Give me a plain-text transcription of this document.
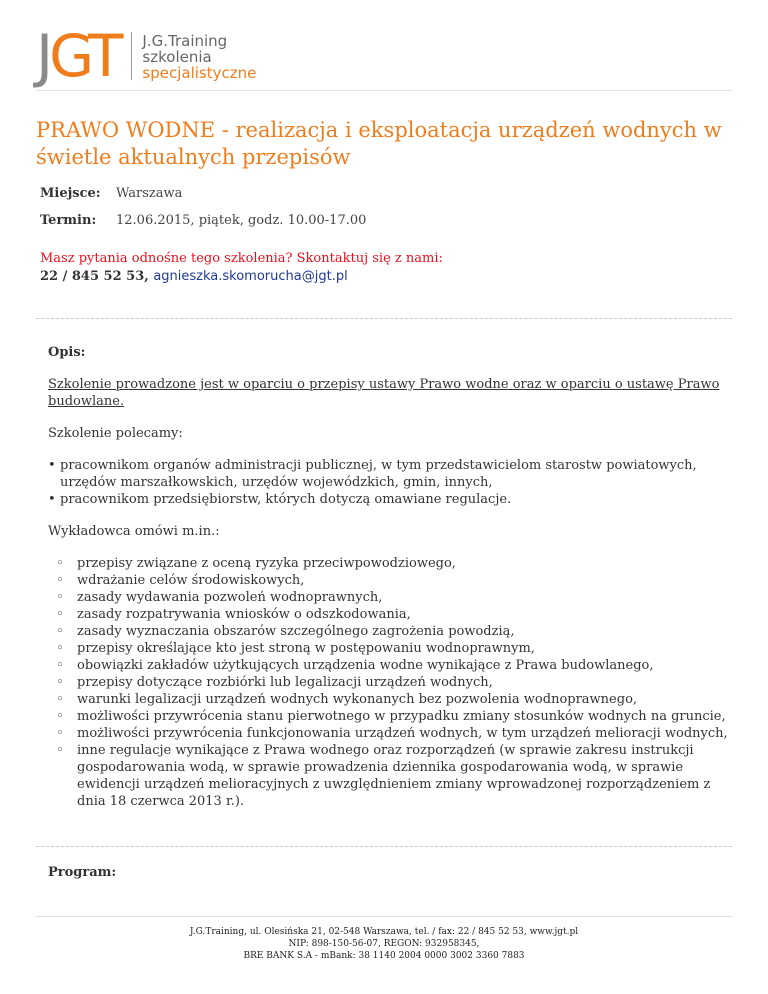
JGT J.G.Training
szkolenia
specjalistyczne
PRAWO WODNE - realizacja i eksploatacja urządzeń wodnych w świetle aktualnych przepisów
Miejsce:	Warszawa
Termin:	12.06.2015, piątek, godz. 10.00-17.00
Masz pytania odnośne tego szkolenia? Skontaktuj się z nami:
22 / 845 52 53, agnieszka.skomorucha@jgt.pl
Opis:
Szkolenie prowadzone jest w oparciu o przepisy ustawy Prawo wodne oraz w oparciu o ustawę Prawo budowlane.
Szkolenie polecamy:
• pracownikom organów administracji publicznej, w tym przedstawicielom starostw powiatowych, urzędów marszałkowskich, urzędów wojewódzkich, gmin, innych,
• pracownikom przedsiębiorstw, których dotyczą omawiane regulacje.
Wykładowca omówi m.in.:
◦ przepisy związane z oceną ryzyka przeciwpowodziowego,
◦ wdrażanie celów środowiskowych,
◦ zasady wydawania pozwoleń wodnoprawnych,
◦ zasady rozpatrywania wniosków o odszkodowania,
◦ zasady wyznaczania obszarów szczególnego zagrożenia powodzią,
◦ przepisy określające kto jest stroną w postępowaniu wodnoprawnym,
◦ obowiązki zakładów użytkujących urządzenia wodne wynikające z Prawa budowlanego,
◦ przepisy dotyczące rozbiórki lub legalizacji urządzeń wodnych,
◦ warunki legalizacji urządzeń wodnych wykonanych bez pozwolenia wodnoprawnego,
◦ możliwości przywrócenia stanu pierwotnego w przypadku zmiany stosunków wodnych na gruncie,
◦ możliwości przywrócenia funkcjonowania urządzeń wodnych, w tym urządzeń melioracji wodnych,
◦ inne regulacje wynikające z Prawa wodnego oraz rozporządzeń (w sprawie zakresu instrukcji gospodarowania wodą, w sprawie prowadzenia dziennika gospodarowania wodą, w sprawie ewidencji urządzeń melioracyjnych z uwzględnieniem zmiany wprowadzonej rozporządzeniem z dnia 18 czerwca 2013 r.).
Program:
J.G.Training, ul. Olesińska 21, 02-548 Warszawa, tel. / fax: 22 / 845 52 53, www.jgt.pl
NIP: 898-150-56-07, REGON: 932958345,
BRE BANK S.A - mBank: 38 1140 2004 0000 3002 3360 7883
